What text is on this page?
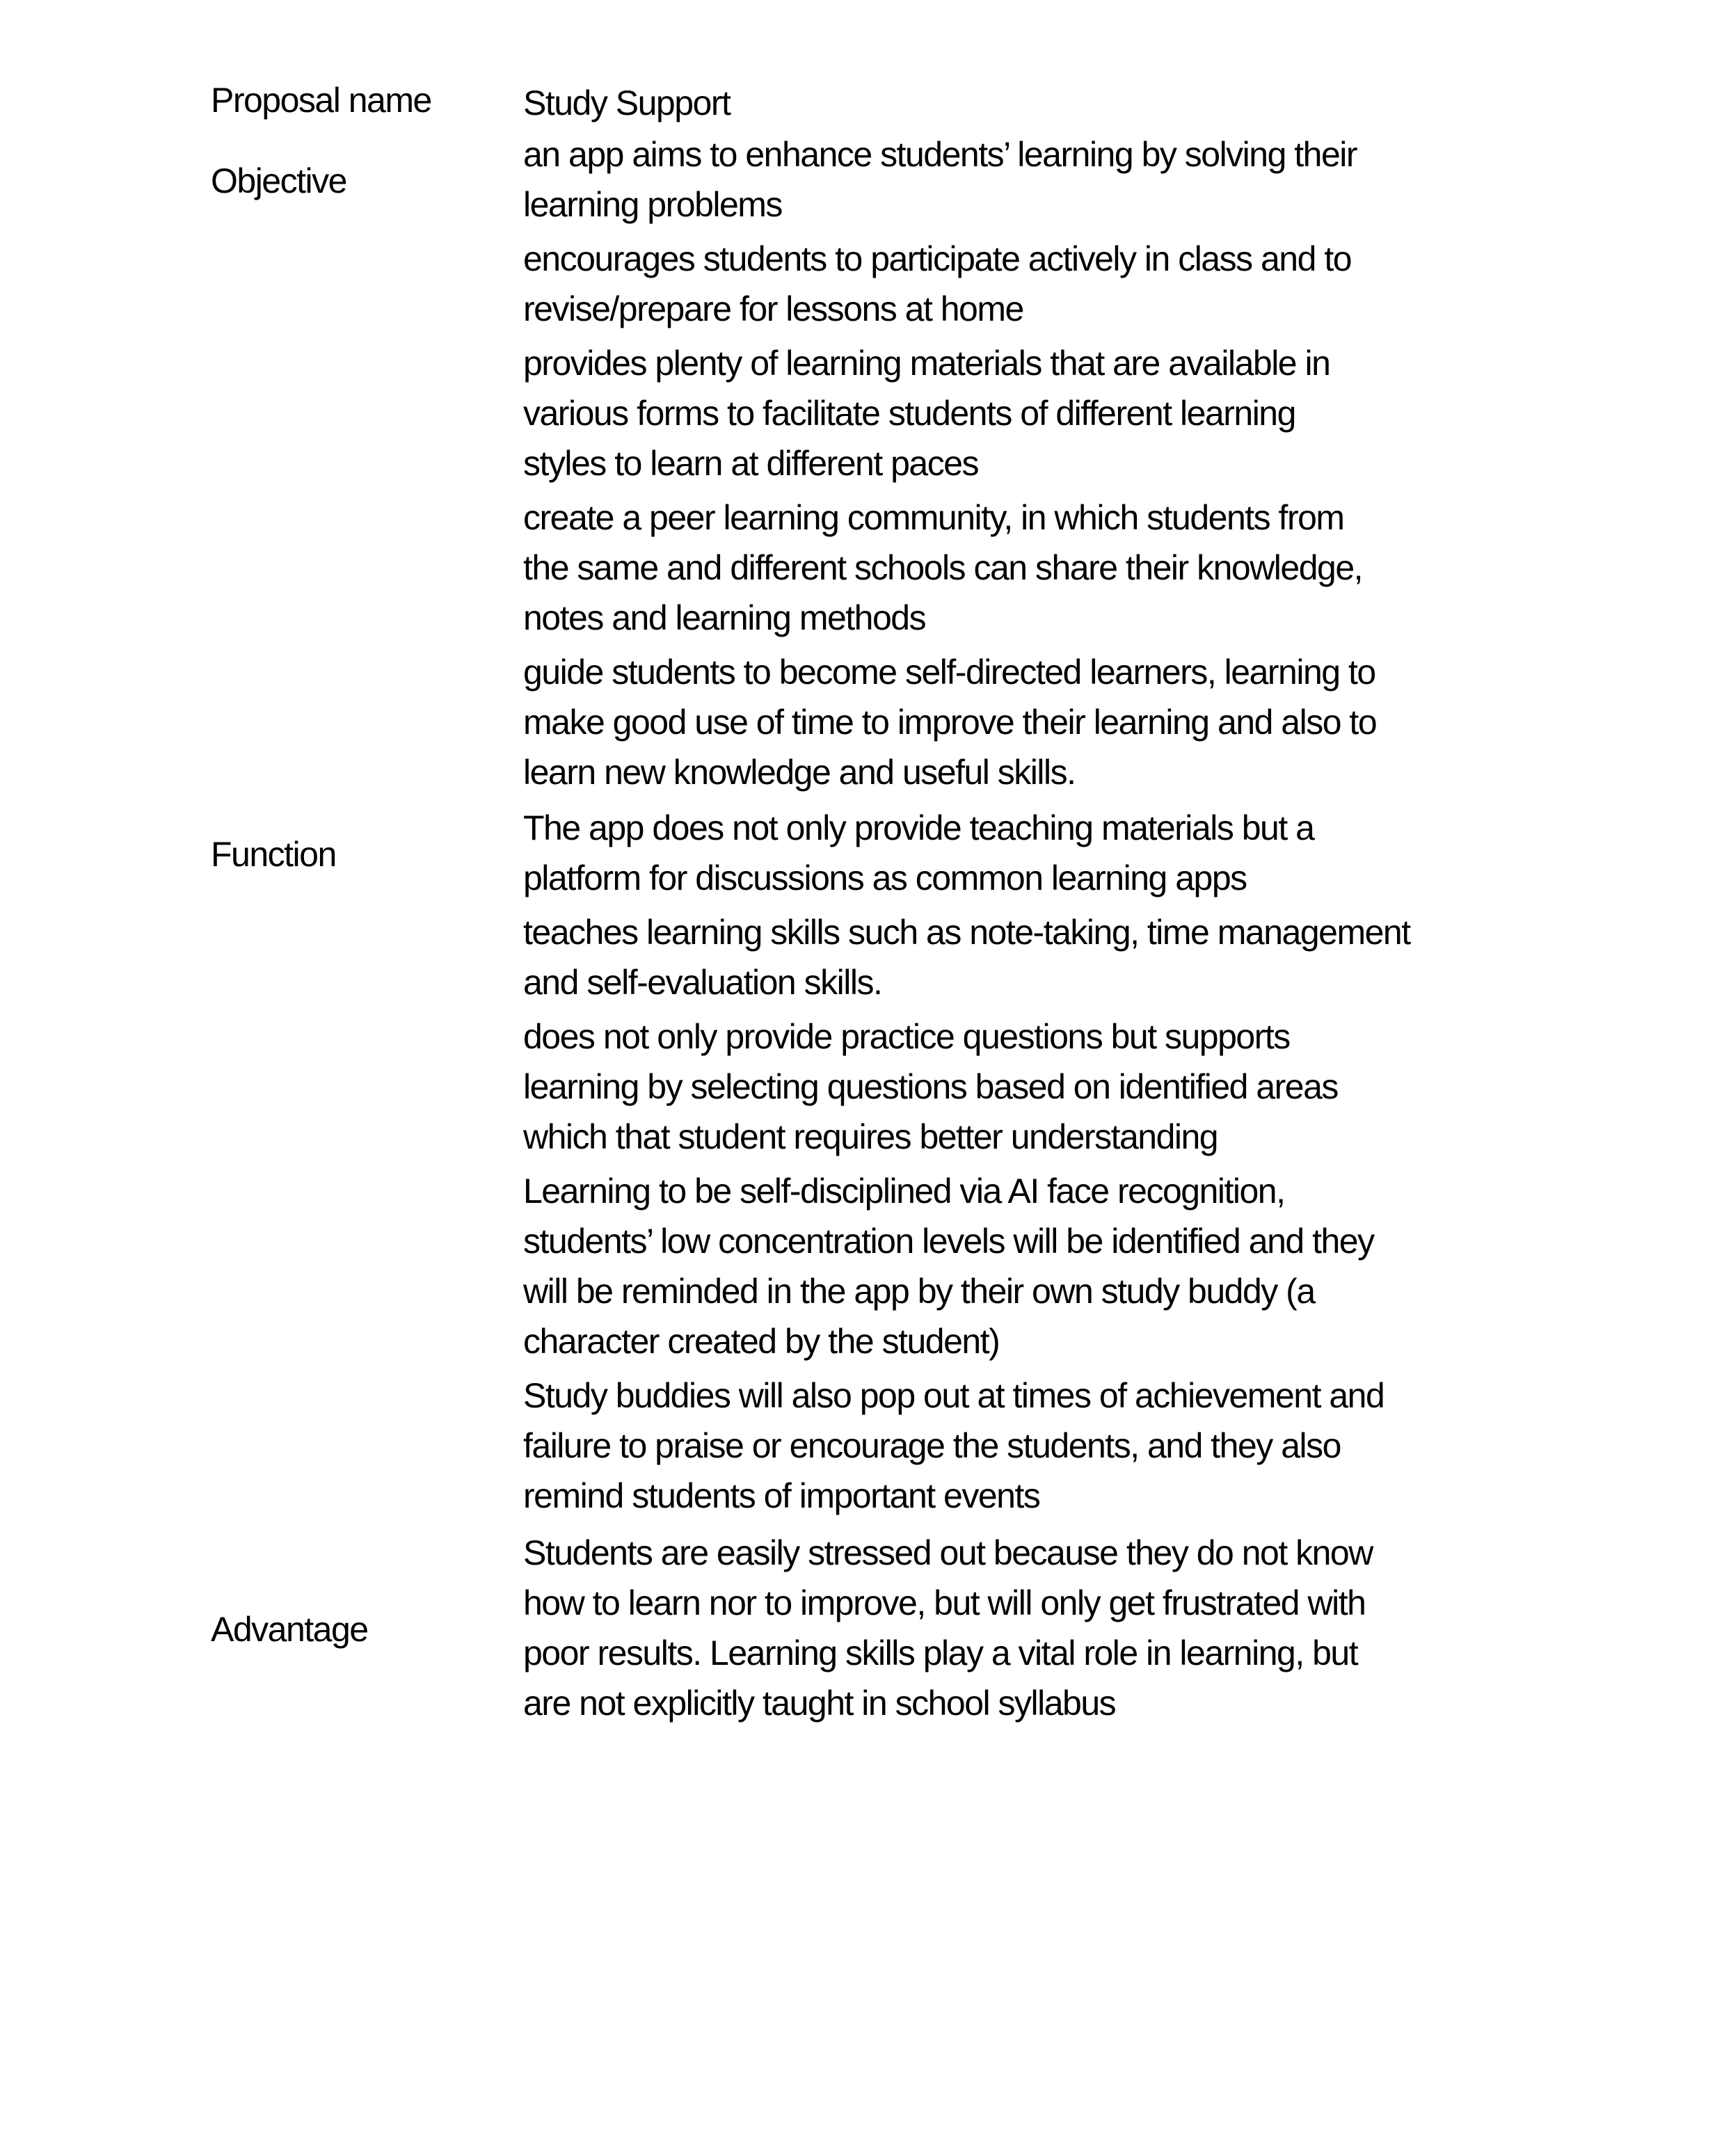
Proposal name	Study Support

Objective

an app aims to enhance students’ learning by solving their
learning problems

encourages students to participate actively in class and to
revise/prepare for lessons at home

provides plenty of learning materials that are available in
various forms to facilitate students of different learning
styles to learn at different paces

create a peer learning community, in which students from
the same and different schools can share their knowledge,
notes and learning methods

guide students to become self-directed learners, learning to
make good use of time to improve their learning and also to
learn new knowledge and useful skills.

Function

The app does not only provide teaching materials but a
platform for discussions as common learning apps

teaches learning skills such as note-taking, time management
and self-evaluation skills.

does not only provide practice questions but supports
learning by selecting questions based on identified areas
which that student requires better understanding

Learning to be self-disciplined via AI face recognition,
students’ low concentration levels will be identified and they
will be reminded in the app by their own study buddy (a
character created by the student)

Study buddies will also pop out at times of achievement and
failure to praise or encourage the students, and they also
remind students of important events

Advantage

Students are easily stressed out because they do not know
how to learn nor to improve, but will only get frustrated with
poor results. Learning skills play a vital role in learning, but
are not explicitly taught in school syllabus
